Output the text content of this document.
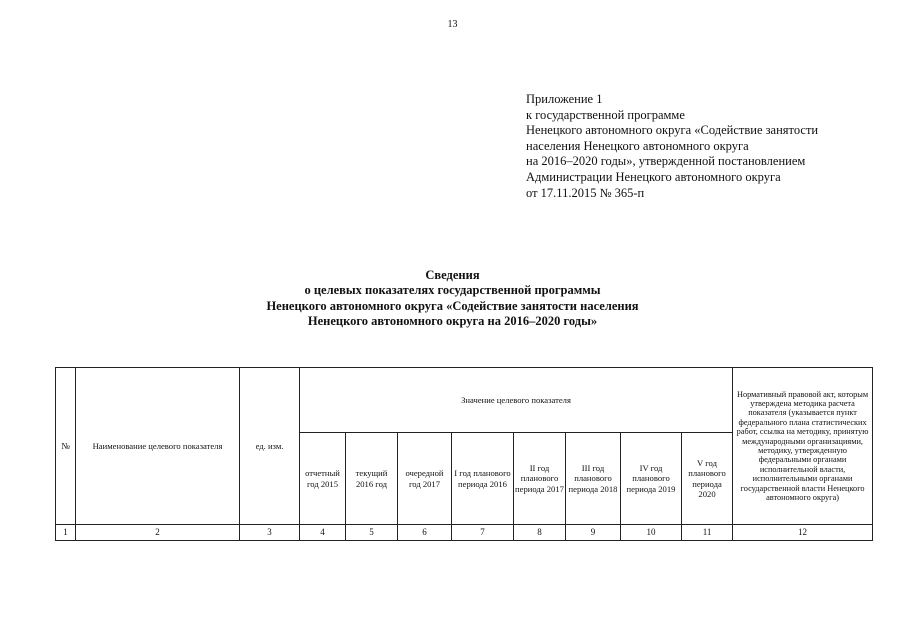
13
Приложение 1
к государственной программе
Ненецкого автономного округа «Содействие занятости
населения Ненецкого автономного округа
на 2016–2020 годы», утвержденной постановлением
Администрации Ненецкого автономного округа
от 17.11.2015 № 365-п
Сведения
о целевых показателях государственной программы
Ненецкого автономного округа «Содействие занятости населения
Ненецкого автономного округа на 2016–2020 годы»
№	Наименование целевого показателя	ед. изм.	Значение целевого показателя								Нормативный правовой акт, которым утверждена методика расчета показателя (указывается пункт федерального плана статистических работ, ссылка на методику, принятую международными организациями, методику, утвержденную федеральными органами исполнительной власти, исполнительными органами государственной власти Ненецкого автономного округа)
			отчетный год 2015	текущий 2016 год	очередной год 2017	I год планового периода 2016	II год планового периода 2017	III год планового периода 2018	IV год планового периода 2019	V год планового периода 2020	
1	2	3	4	5	6	7	8	9	10	11	12
